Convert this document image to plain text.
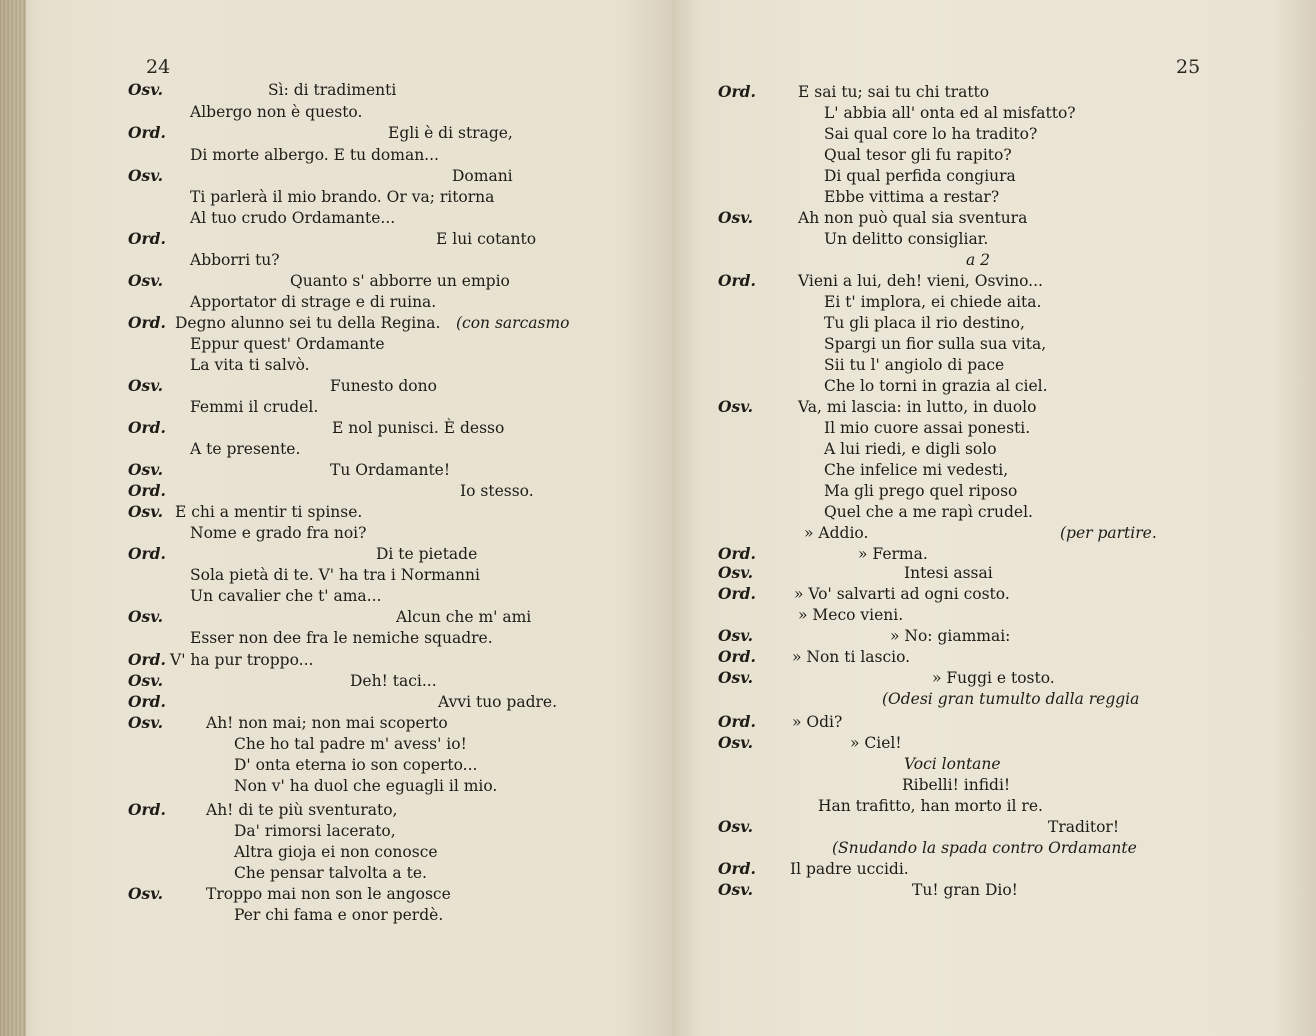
24
Osv.	Sì: di tradimenti
Albergo non è questo.
Ord.	Egli è di strage,
Di morte albergo. E tu doman...
Osv.	Domani
Ti parlerà il mio brando. Or va; ritorna
Al tuo crudo Ordamante...
Ord.	E lui cotanto
Abborri tu?
Osv.	Quanto s' abborre un empio
Apportator di strage e di ruina.
Ord. Degno alunno sei tu della Regina. (con sarcasmo
Eppur quest' Ordamante
La vita ti salvò.
Osv.	Funesto dono
Femmi il crudel.
Ord.	E nol punisci. È desso
A te presente.
Osv.	Tu Ordamante!
Ord.	Io stesso.
Osv. E chi a mentir ti spinse.
Nome e grado fra noi?
Ord.	Di te pietade
Sola pietà di te. V' ha tra i Normanni
Un cavalier che t' ama...
Osv.	Alcun che m' ami
Esser non dee fra le nemiche squadre.
Ord. V' ha pur troppo...
Osv.	Deh! taci...
Ord.	Avvi tuo padre.
Osv.	Ah! non mai; non mai scoperto
Che ho tal padre m' avess' io!
D' onta eterna io son coperto...
Non v' ha duol che eguagli il mio.
Ord.	Ah! di te più sventurato,
Da' rimorsi lacerato,
Altra gioja ei non conosce
Che pensar talvolta a te.
Osv.	Troppo mai non son le angosce
Per chi fama e onor perdè.
25
Ord.	E sai tu; sai tu chi tratto
L' abbia all' onta ed al misfatto?
Sai qual core lo ha tradito?
Qual tesor gli fu rapito?
Di qual perfida congiura
Ebbe vittima a restar?
Osv.	Ah non può qual sia sventura
Un delitto consigliar.
a 2
Ord.	Vieni a lui, deh! vieni, Osvino...
Ei t' implora, ei chiede aita.
Tu gli placa il rio destino,
Spargi un fior sulla sua vita,
Sii tu l' angiolo di pace
Che lo torni in grazia al ciel.
Osv.	Va, mi lascia: in lutto, in duolo
Il mio cuore assai ponesti.
A lui riedi, e digli solo
Che infelice mi vedesti,
Ma gli prego quel riposo
Quel che a me rapì crudel.
» Addio.	(per partire.
Ord.	» Ferma.
Osv.	Intesi assai
Ord. » Vo' salvarti ad ogni costo.
» Meco vieni.
Osv.	» No: giammai:
Ord. » Non ti lascio.
Osv.	» Fuggi e tosto.
(Odesi gran tumulto dalla reggia
Ord. » Odi?
Osv.	» Ciel!
Voci lontane
Ribelli! infidi!
Han trafitto, han morto il re.
Osv.	Traditor!
(Snudando la spada contro Ordamante
Ord. Il padre uccidi.
Osv.	Tu! gran Dio!
